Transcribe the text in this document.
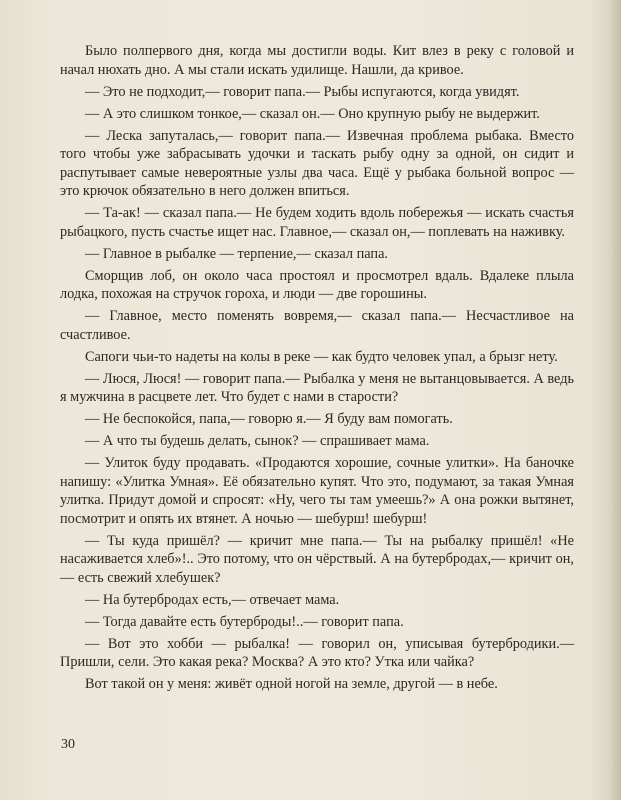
Было полпервого дня, когда мы достигли воды. Кит влез в реку с головой и начал нюхать дно. А мы стали искать удилище. Нашли, да кривое.

— Это не подходит,— говорит папа.— Рыбы испугаются, когда увидят.

— А это слишком тонкое,— сказал он.— Оно крупную рыбу не выдержит.

— Леска запуталась,— говорит папа.— Извечная проблема рыбака. Вместо того чтобы уже забрасывать удочки и таскать рыбу одну за одной, он сидит и распутывает самые невероятные узлы два часа. Ещё у рыбака больной вопрос — это крючок обязательно в него должен впиться.

— Та-ак! — сказал папа.— Не будем ходить вдоль побережья — искать счастья рыбацкого, пусть счастье ищет нас. Главное,— сказал он,— поплевать на наживку.

— Главное в рыбалке — терпение,— сказал папа.

Сморщив лоб, он около часа простоял и просмотрел вдаль. Вдалеке плыла лодка, похожая на стручок гороха, и люди — две горошины.

— Главное, место поменять вовремя,— сказал папа.— Несчастливое на счастливое.

Сапоги чьи-то надеты на колы в реке — как будто человек упал, а брызг нету.

— Люся, Люся! — говорит папа.— Рыбалка у меня не вытанцовывается. А ведь я мужчина в расцвете лет. Что будет с нами в старости?

— Не беспокойся, папа,— говорю я.— Я буду вам помогать.

— А что ты будешь делать, сынок? — спрашивает мама.

— Улиток буду продавать. «Продаются хорошие, сочные улитки». На баночке напишу: «Улитка Умная». Её обязательно купят. Что это, подумают, за такая Умная улитка. Придут домой и спросят: «Ну, чего ты там умеешь?» А она рожки вытянет, посмотрит и опять их втянет. А ночью — шебурш! шебурш!

— Ты куда пришёл? — кричит мне папа.— Ты на рыбалку пришёл! «Не насаживается хлеб»!.. Это потому, что он чёрствый. А на бутербродах,— кричит он,— есть свежий хлебушек?

— На бутербродах есть,— отвечает мама.

— Тогда давайте есть бутерброды!..— говорит папа.

— Вот это хобби — рыбалка! — говорил он, уписывая бутербродики.— Пришли, сели. Это какая река? Москва? А это кто? Утка или чайка?

Вот такой он у меня: живёт одной ногой на земле, другой — в небе.

30
